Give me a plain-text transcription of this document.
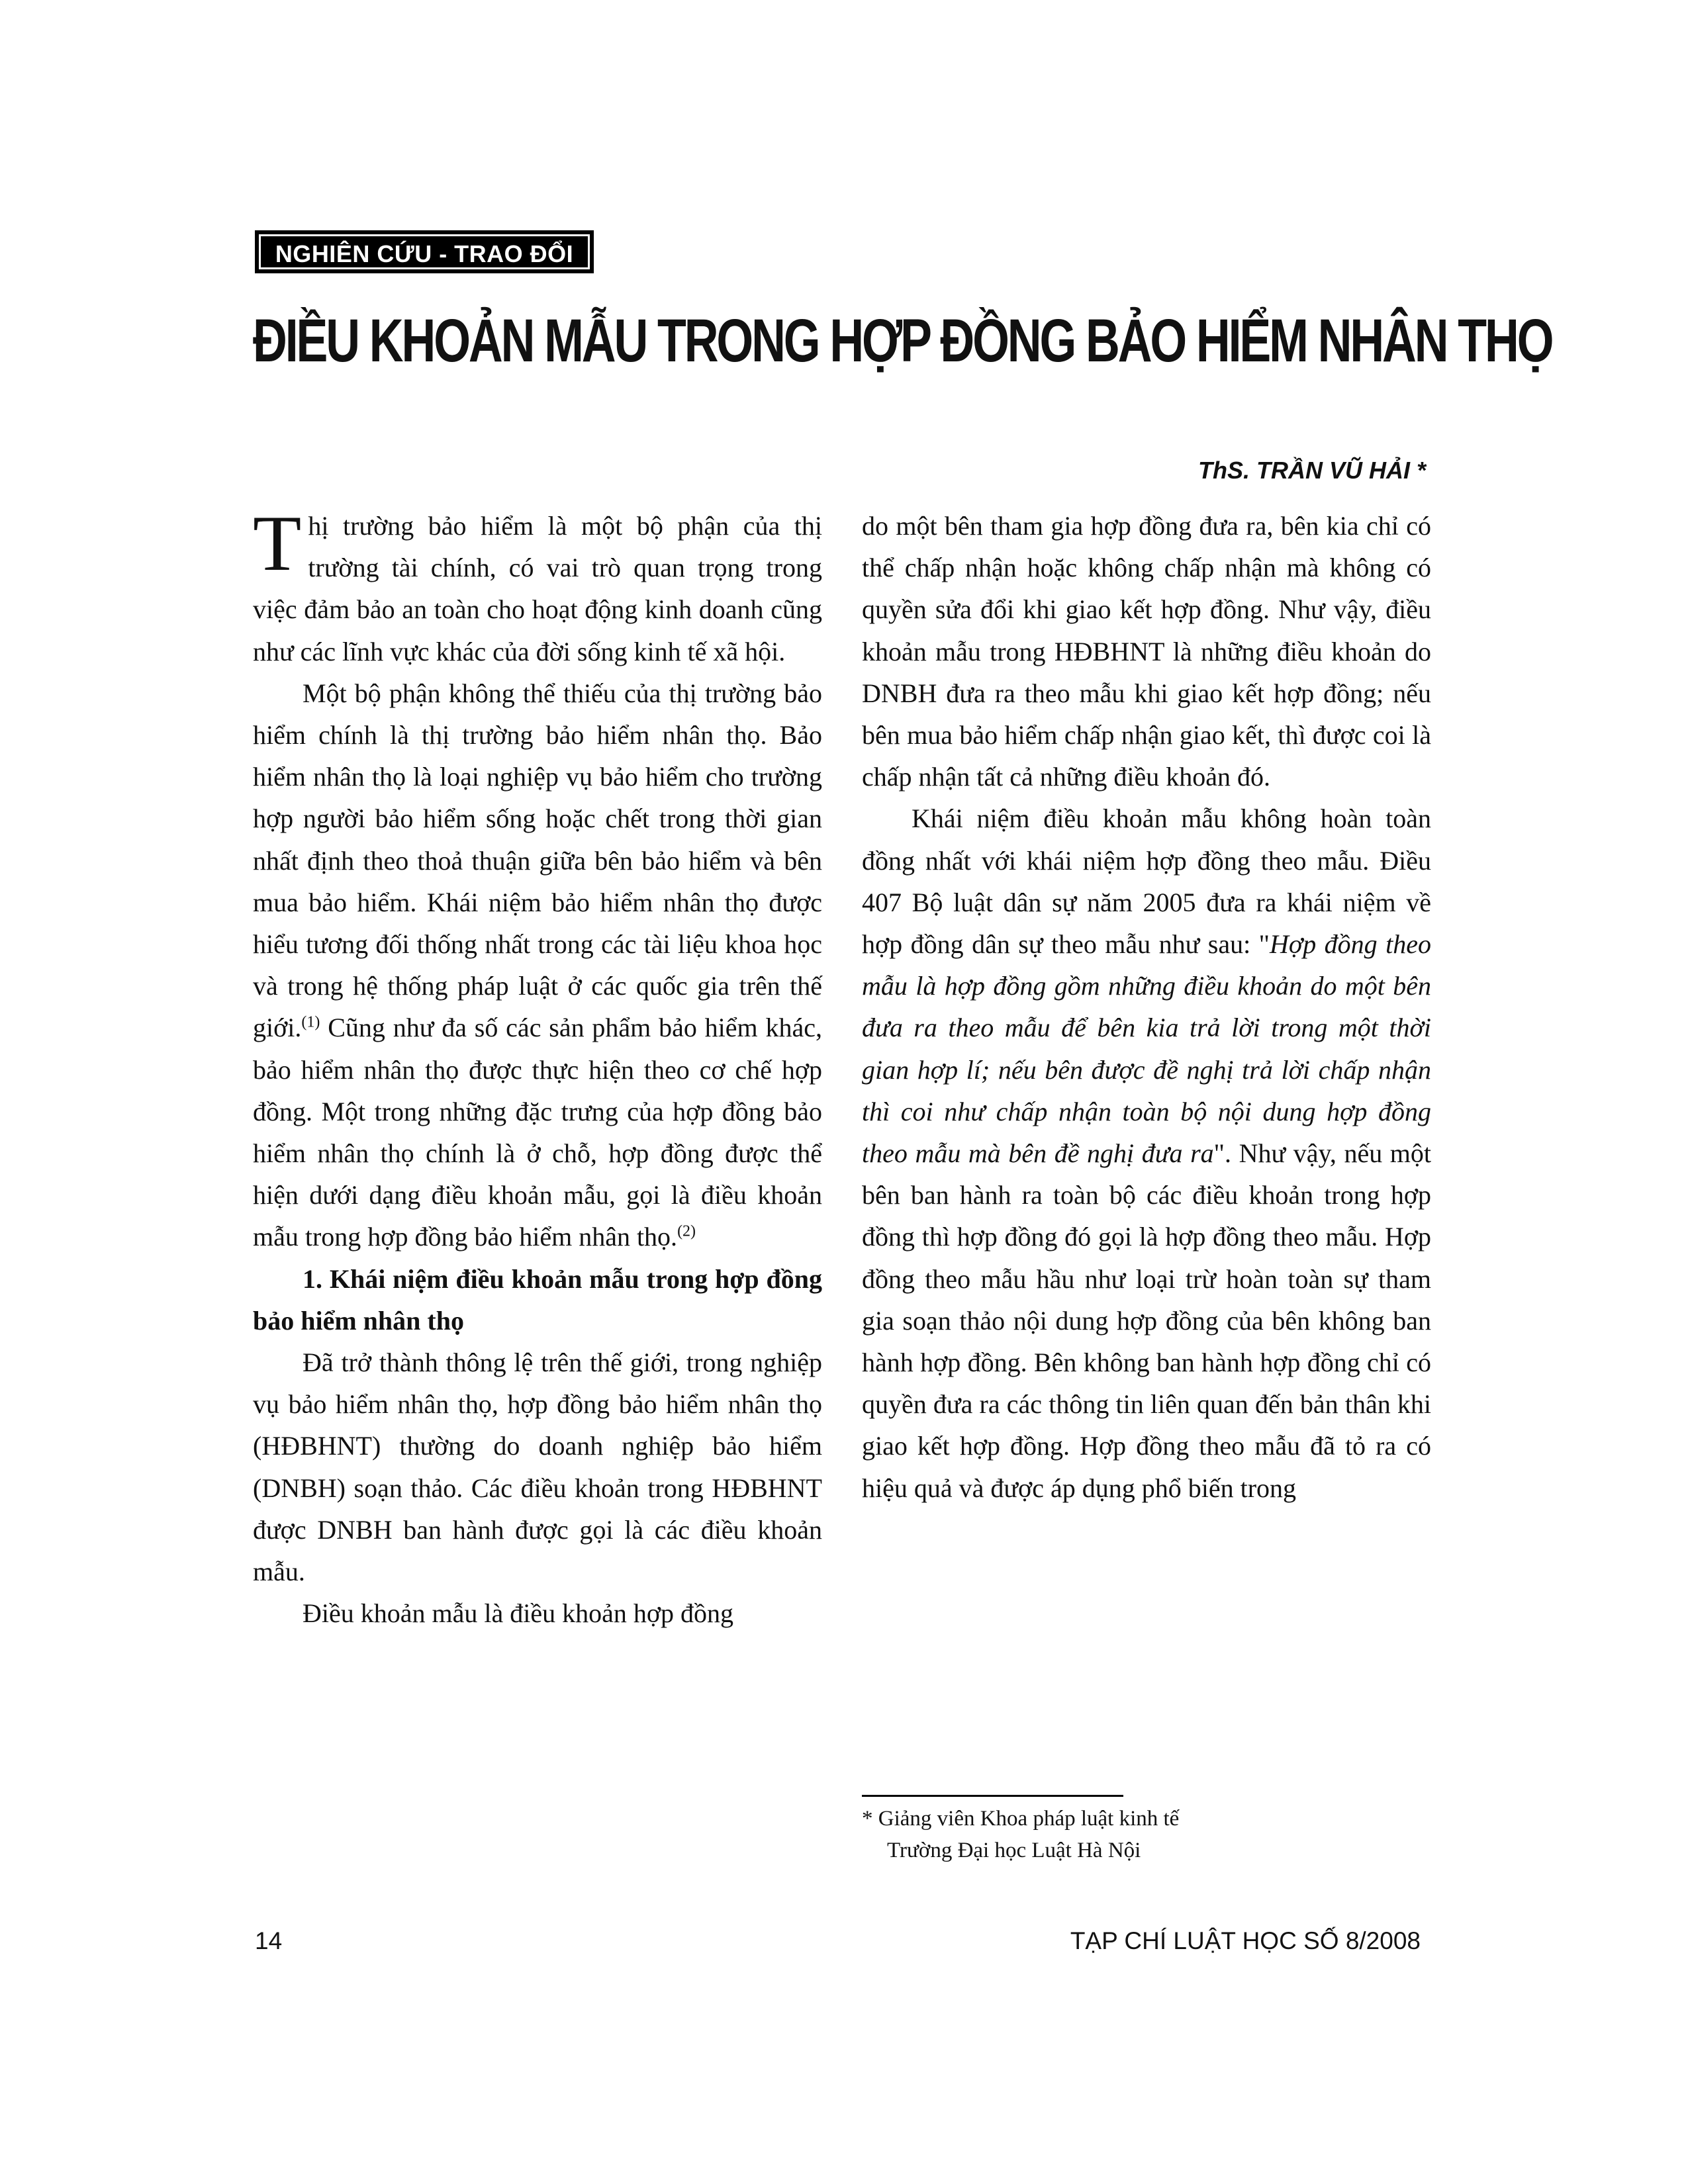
NGHIÊN CỨU - TRAO ĐỔI
ĐIỀU KHOẢN MẪU TRONG HỢP ĐỒNG BẢO HIỂM NHÂN THỌ
ThS. TRẦN VŨ HẢI *

Thị trường bảo hiểm là một bộ phận của thị trường tài chính, có vai trò quan trọng trong việc đảm bảo an toàn cho hoạt động kinh doanh cũng như các lĩnh vực khác của đời sống kinh tế xã hội.

Một bộ phận không thể thiếu của thị trường bảo hiểm chính là thị trường bảo hiểm nhân thọ. Bảo hiểm nhân thọ là loại nghiệp vụ bảo hiểm cho trường hợp người bảo hiểm sống hoặc chết trong thời gian nhất định theo thoả thuận giữa bên bảo hiểm và bên mua bảo hiểm. Khái niệm bảo hiểm nhân thọ được hiểu tương đối thống nhất trong các tài liệu khoa học và trong hệ thống pháp luật ở các quốc gia trên thế giới.$^{(1)}$ Cũng như đa số các sản phẩm bảo hiểm khác, bảo hiểm nhân thọ được thực hiện theo cơ chế hợp đồng. Một trong những đặc trưng của hợp đồng bảo hiểm nhân thọ chính là ở chỗ, hợp đồng được thể hiện dưới dạng điều khoản mẫu, gọi là điều khoản mẫu trong hợp đồng bảo hiểm nhân thọ.$^{(2)}$

1. Khái niệm điều khoản mẫu trong hợp đồng bảo hiểm nhân thọ

Đã trở thành thông lệ trên thế giới, trong nghiệp vụ bảo hiểm nhân thọ, hợp đồng bảo hiểm nhân thọ (HĐBHNT) thường do doanh nghiệp bảo hiểm (DNBH) soạn thảo. Các điều khoản trong HĐBHNT được DNBH ban hành được gọi là các điều khoản mẫu.

Điều khoản mẫu là điều khoản hợp đồng

do một bên tham gia hợp đồng đưa ra, bên kia chỉ có thể chấp nhận hoặc không chấp nhận mà không có quyền sửa đổi khi giao kết hợp đồng. Như vậy, điều khoản mẫu trong HĐBHNT là những điều khoản do DNBH đưa ra theo mẫu khi giao kết hợp đồng; nếu bên mua bảo hiểm chấp nhận giao kết, thì được coi là chấp nhận tất cả những điều khoản đó.

Khái niệm điều khoản mẫu không hoàn toàn đồng nhất với khái niệm hợp đồng theo mẫu. Điều 407 Bộ luật dân sự năm 2005 đưa ra khái niệm về hợp đồng dân sự theo mẫu như sau: "Hợp đồng theo mẫu là hợp đồng gồm những điều khoản do một bên đưa ra theo mẫu để bên kia trả lời trong một thời gian hợp lí; nếu bên được đề nghị trả lời chấp nhận thì coi như chấp nhận toàn bộ nội dung hợp đồng theo mẫu mà bên đề nghị đưa ra". Như vậy, nếu một bên ban hành ra toàn bộ các điều khoản trong hợp đồng thì hợp đồng đó gọi là hợp đồng theo mẫu. Hợp đồng theo mẫu hầu như loại trừ hoàn toàn sự tham gia soạn thảo nội dung hợp đồng của bên không ban hành hợp đồng. Bên không ban hành hợp đồng chỉ có quyền đưa ra các thông tin liên quan đến bản thân khi giao kết hợp đồng. Hợp đồng theo mẫu đã tỏ ra có hiệu quả và được áp dụng phổ biến trong

* Giảng viên Khoa pháp luật kinh tế
Trường Đại học Luật Hà Nội
14	TẠP CHÍ LUẬT HỌC SỐ 8/2008
